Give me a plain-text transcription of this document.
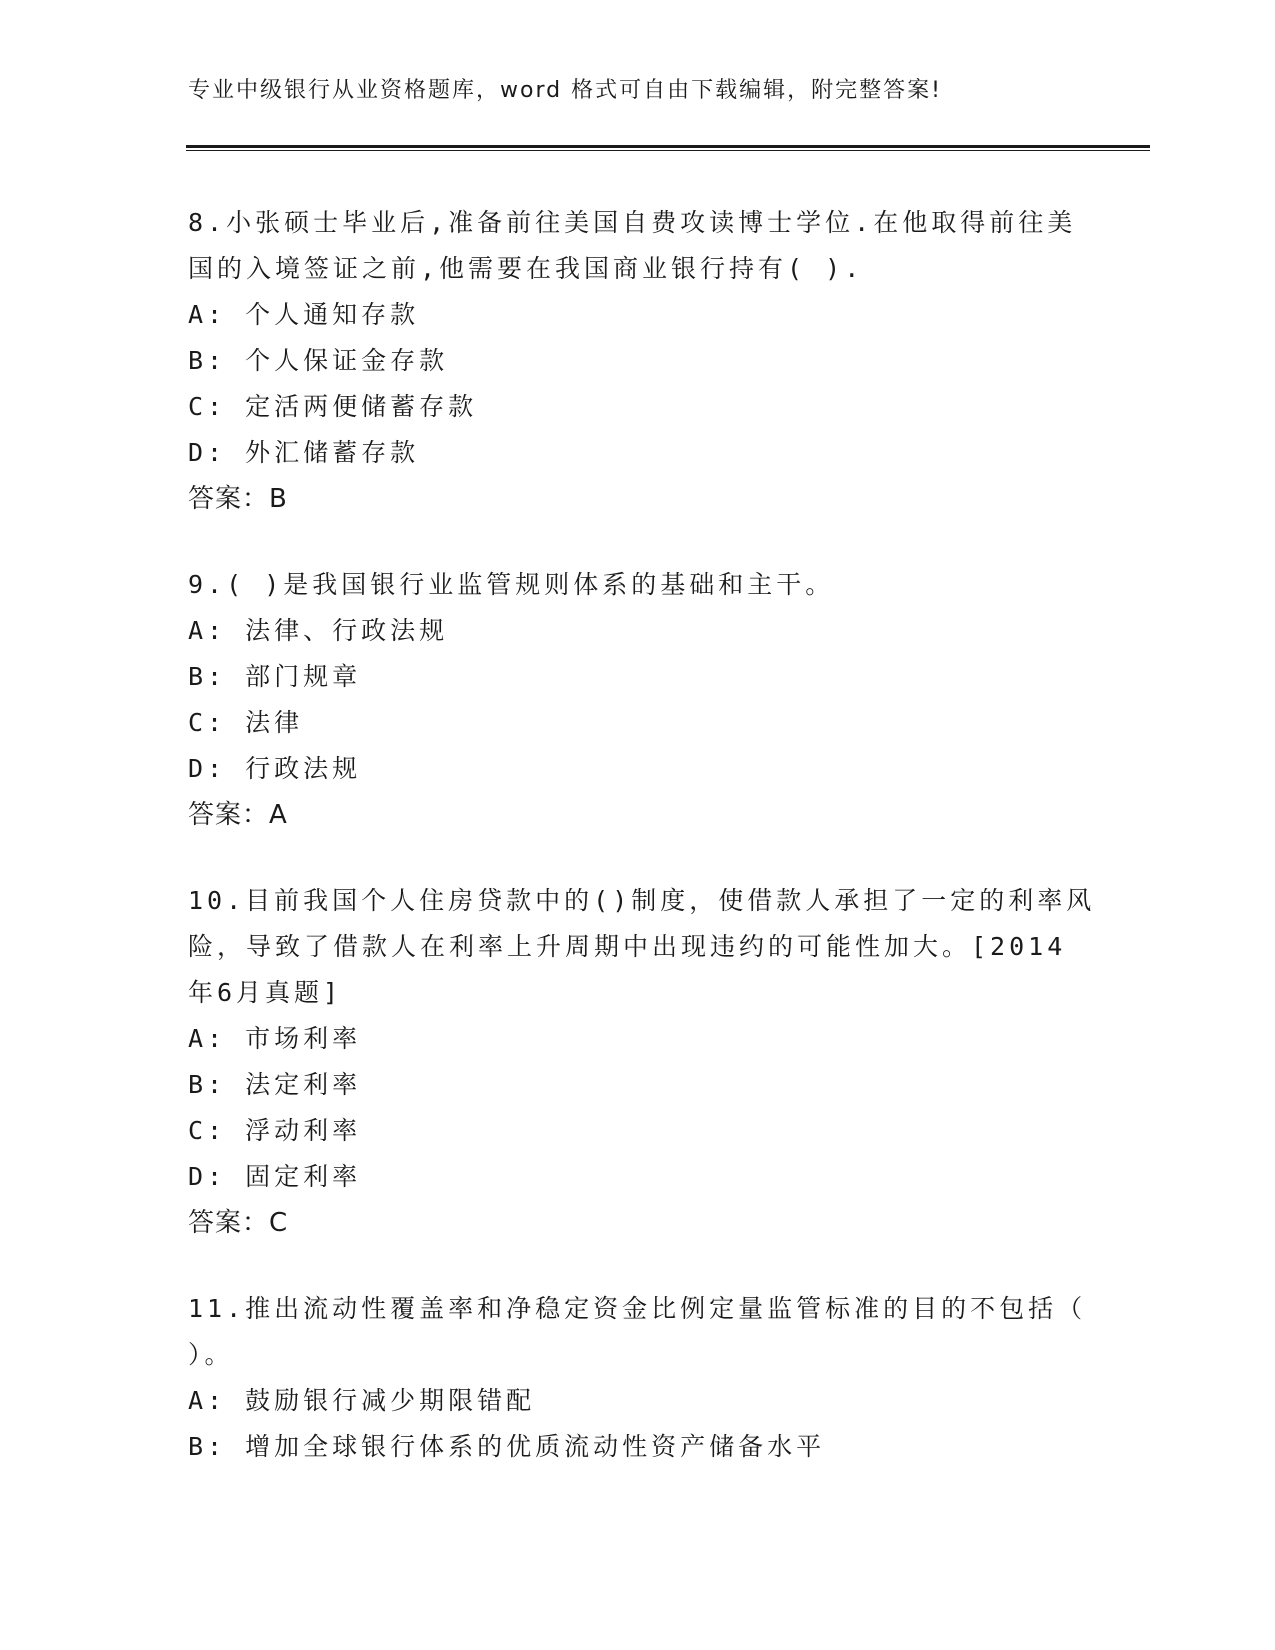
专业中级银行从业资格题库，word 格式可自由下载编辑，附完整答案!
8.小张硕士毕业后,准备前往美国自费攻读博士学位.在他取得前往美
国的入境签证之前,他需要在我国商业银行持有( ).
A: 个人通知存款
B: 个人保证金存款
C: 定活两便储蓄存款
D: 外汇储蓄存款
答案：B
9.( )是我国银行业监管规则体系的基础和主干。
A: 法律、行政法规
B: 部门规章
C: 法律
D: 行政法规
答案：A
10.目前我国个人住房贷款中的()制度，使借款人承担了一定的利率风
险，导致了借款人在利率上升周期中出现违约的可能性加大。[2014
年6月真题]
A: 市场利率
B: 法定利率
C: 浮动利率
D: 固定利率
答案：C
11.推出流动性覆盖率和净稳定资金比例定量监管标准的目的不包括（
）。
A: 鼓励银行减少期限错配
B: 增加全球银行体系的优质流动性资产储备水平
